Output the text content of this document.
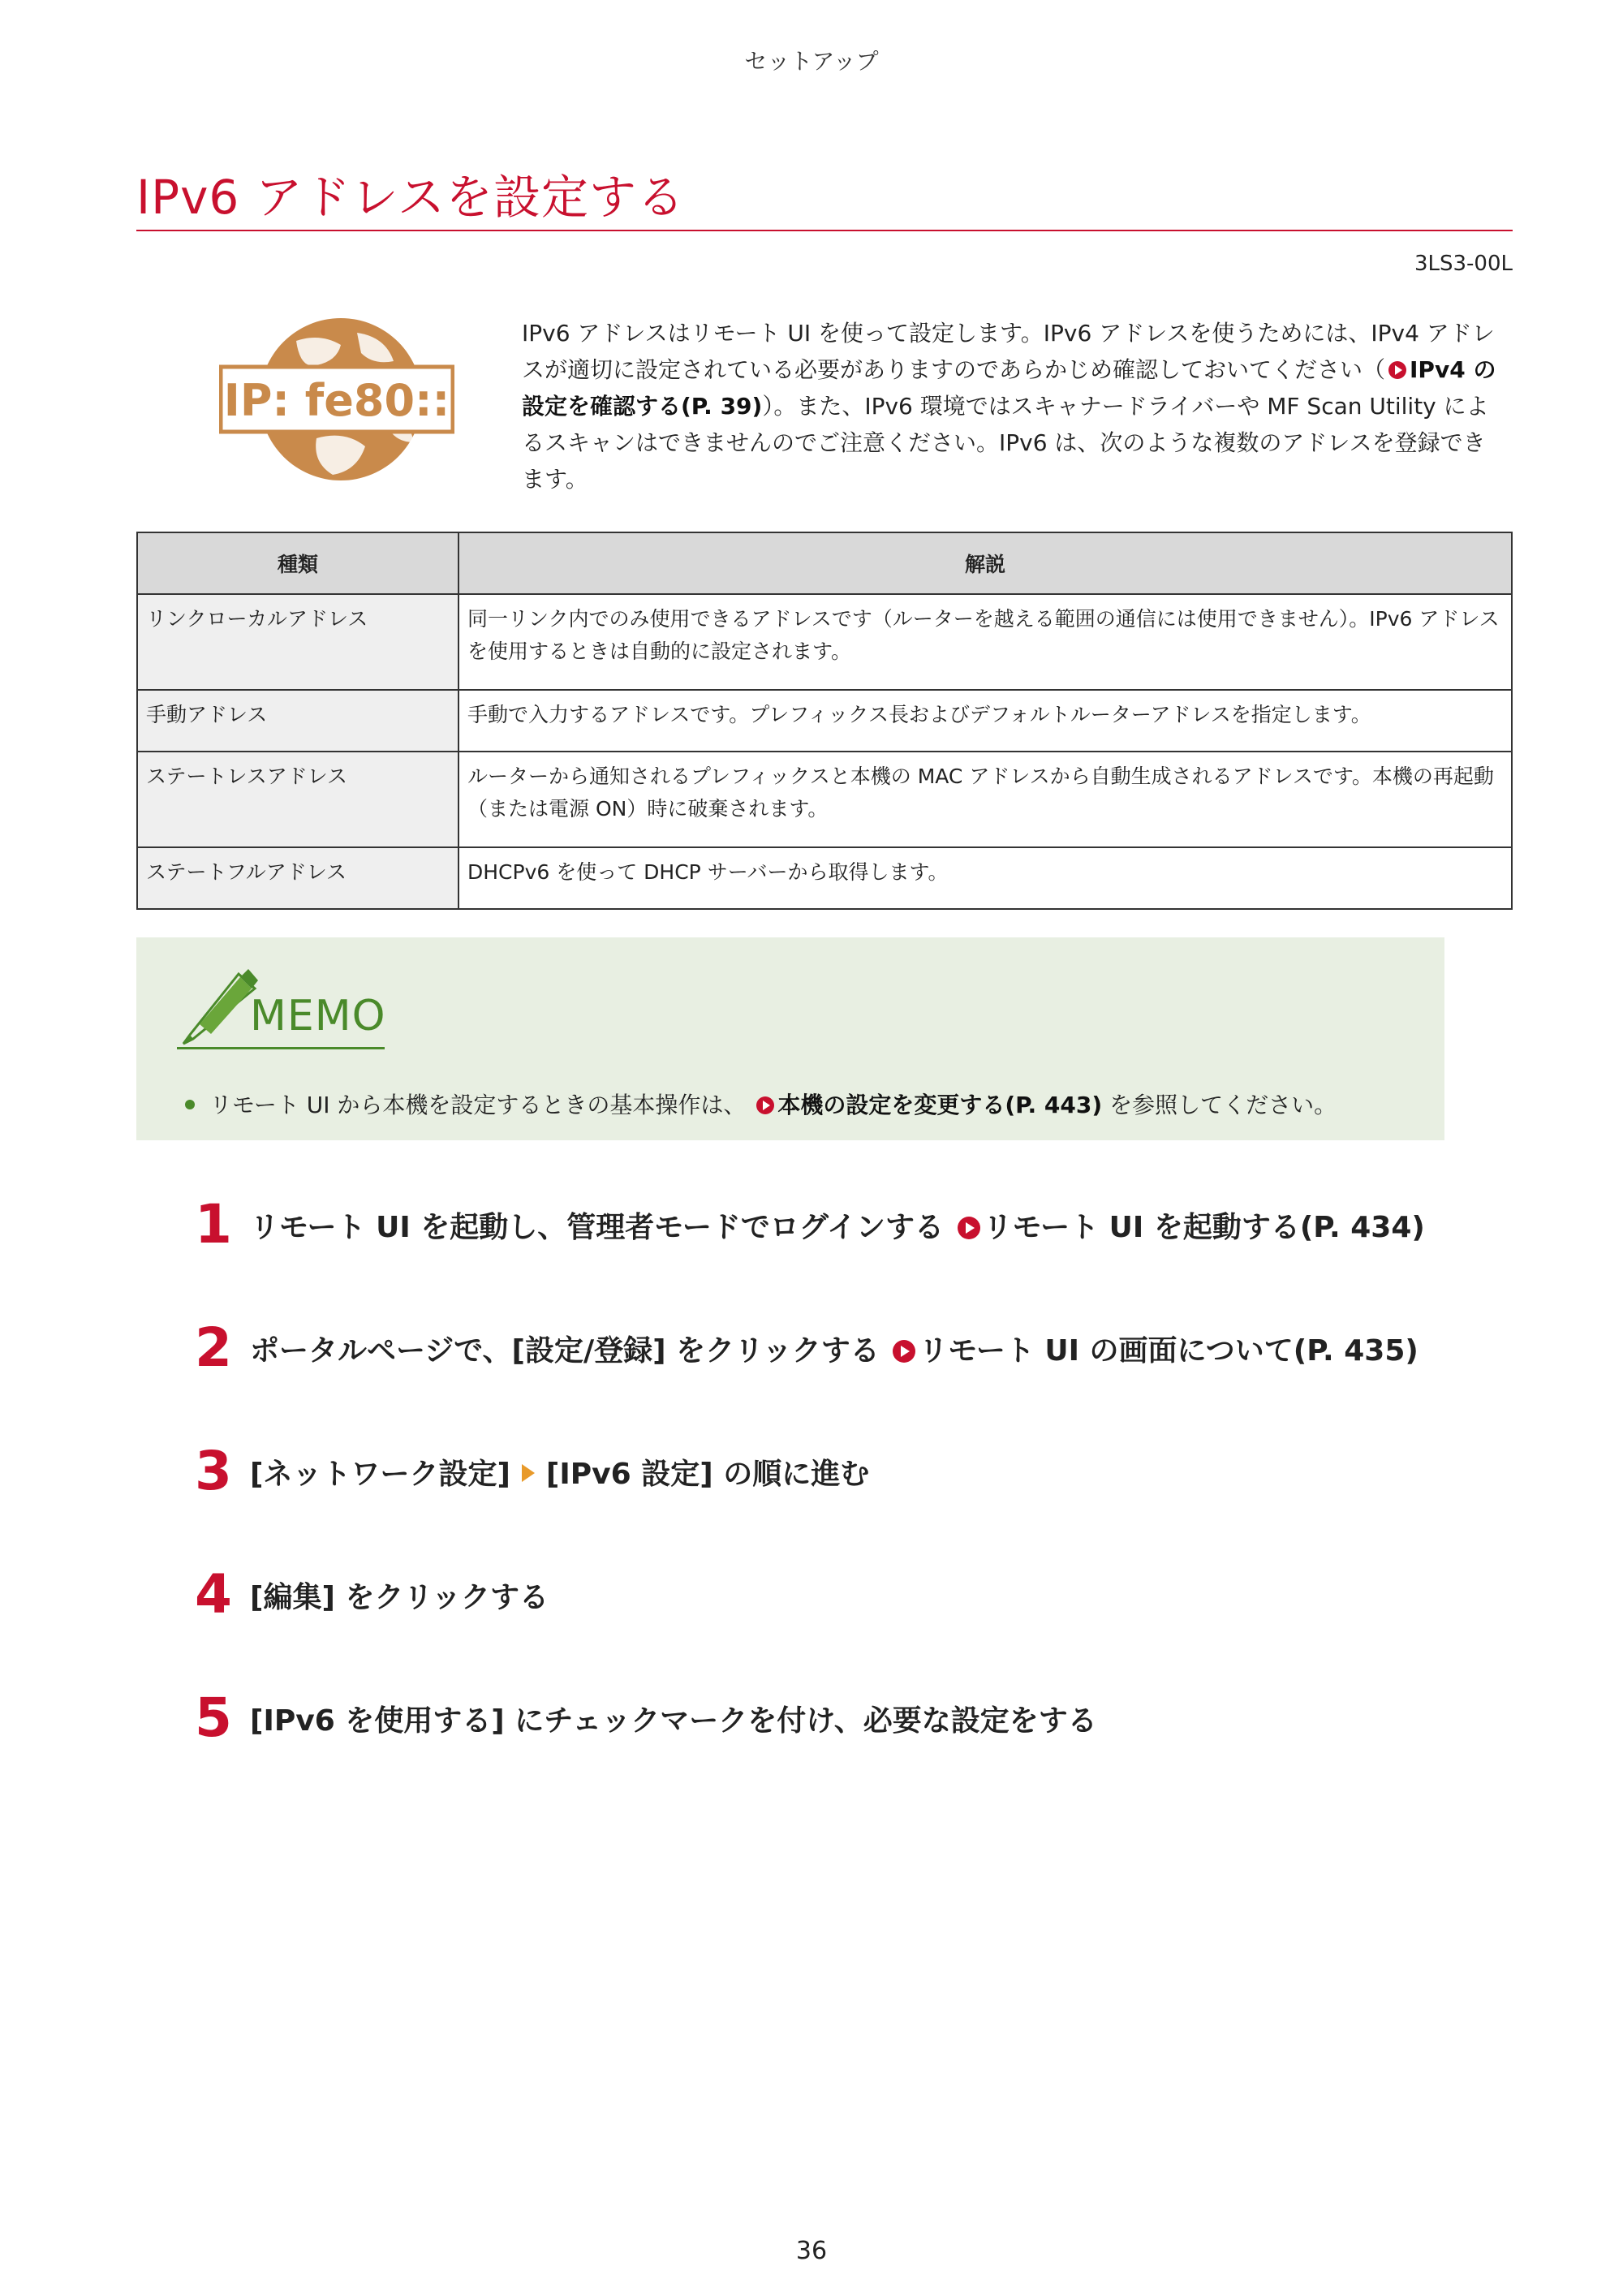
セットアップ
IPv6 アドレスを設定する
3LS3-00L
IP: fe80::

IPv6 アドレスはリモート UI を使って設定します。IPv6 アドレスを使うためには、IPv4 アドレスが適切に設定されている必要がありますのであらかじめ確認しておいてください（ IPv4 の設定を確認する(P. 39)）。また、IPv6 環境ではスキャナードライバーや MF Scan Utility によるスキャンはできませんのでご注意ください。IPv6 は、次のような複数のアドレスを登録できます。

種類	解説
リンクローカルアドレス	同一リンク内でのみ使用できるアドレスです（ルーターを越える範囲の通信には使用できません）。IPv6 アドレスを使用するときは自動的に設定されます。
手動アドレス	手動で入力するアドレスです。プレフィックス長およびデフォルトルーターアドレスを指定します。
ステートレスアドレス	ルーターから通知されるプレフィックスと本機の MAC アドレスから自動生成されるアドレスです。本機の再起動（または電源 ON）時に破棄されます。
ステートフルアドレス	DHCPv6 を使って DHCP サーバーから取得します。
MEMO
リモート UI から本機を設定するときの基本操作は、 本機の設定を変更する(P. 443) を参照してください。
1 リモート UI を起動し、管理者モードでログインする リモート UI を起動する(P. 434)
2 ポータルページで、[設定/登録] をクリックする リモート UI の画面について(P. 435)
3 [ネットワーク設定] [IPv6 設定] の順に進む
4 [編集] をクリックする
5 [IPv6 を使用する] にチェックマークを付け、必要な設定をする
36
